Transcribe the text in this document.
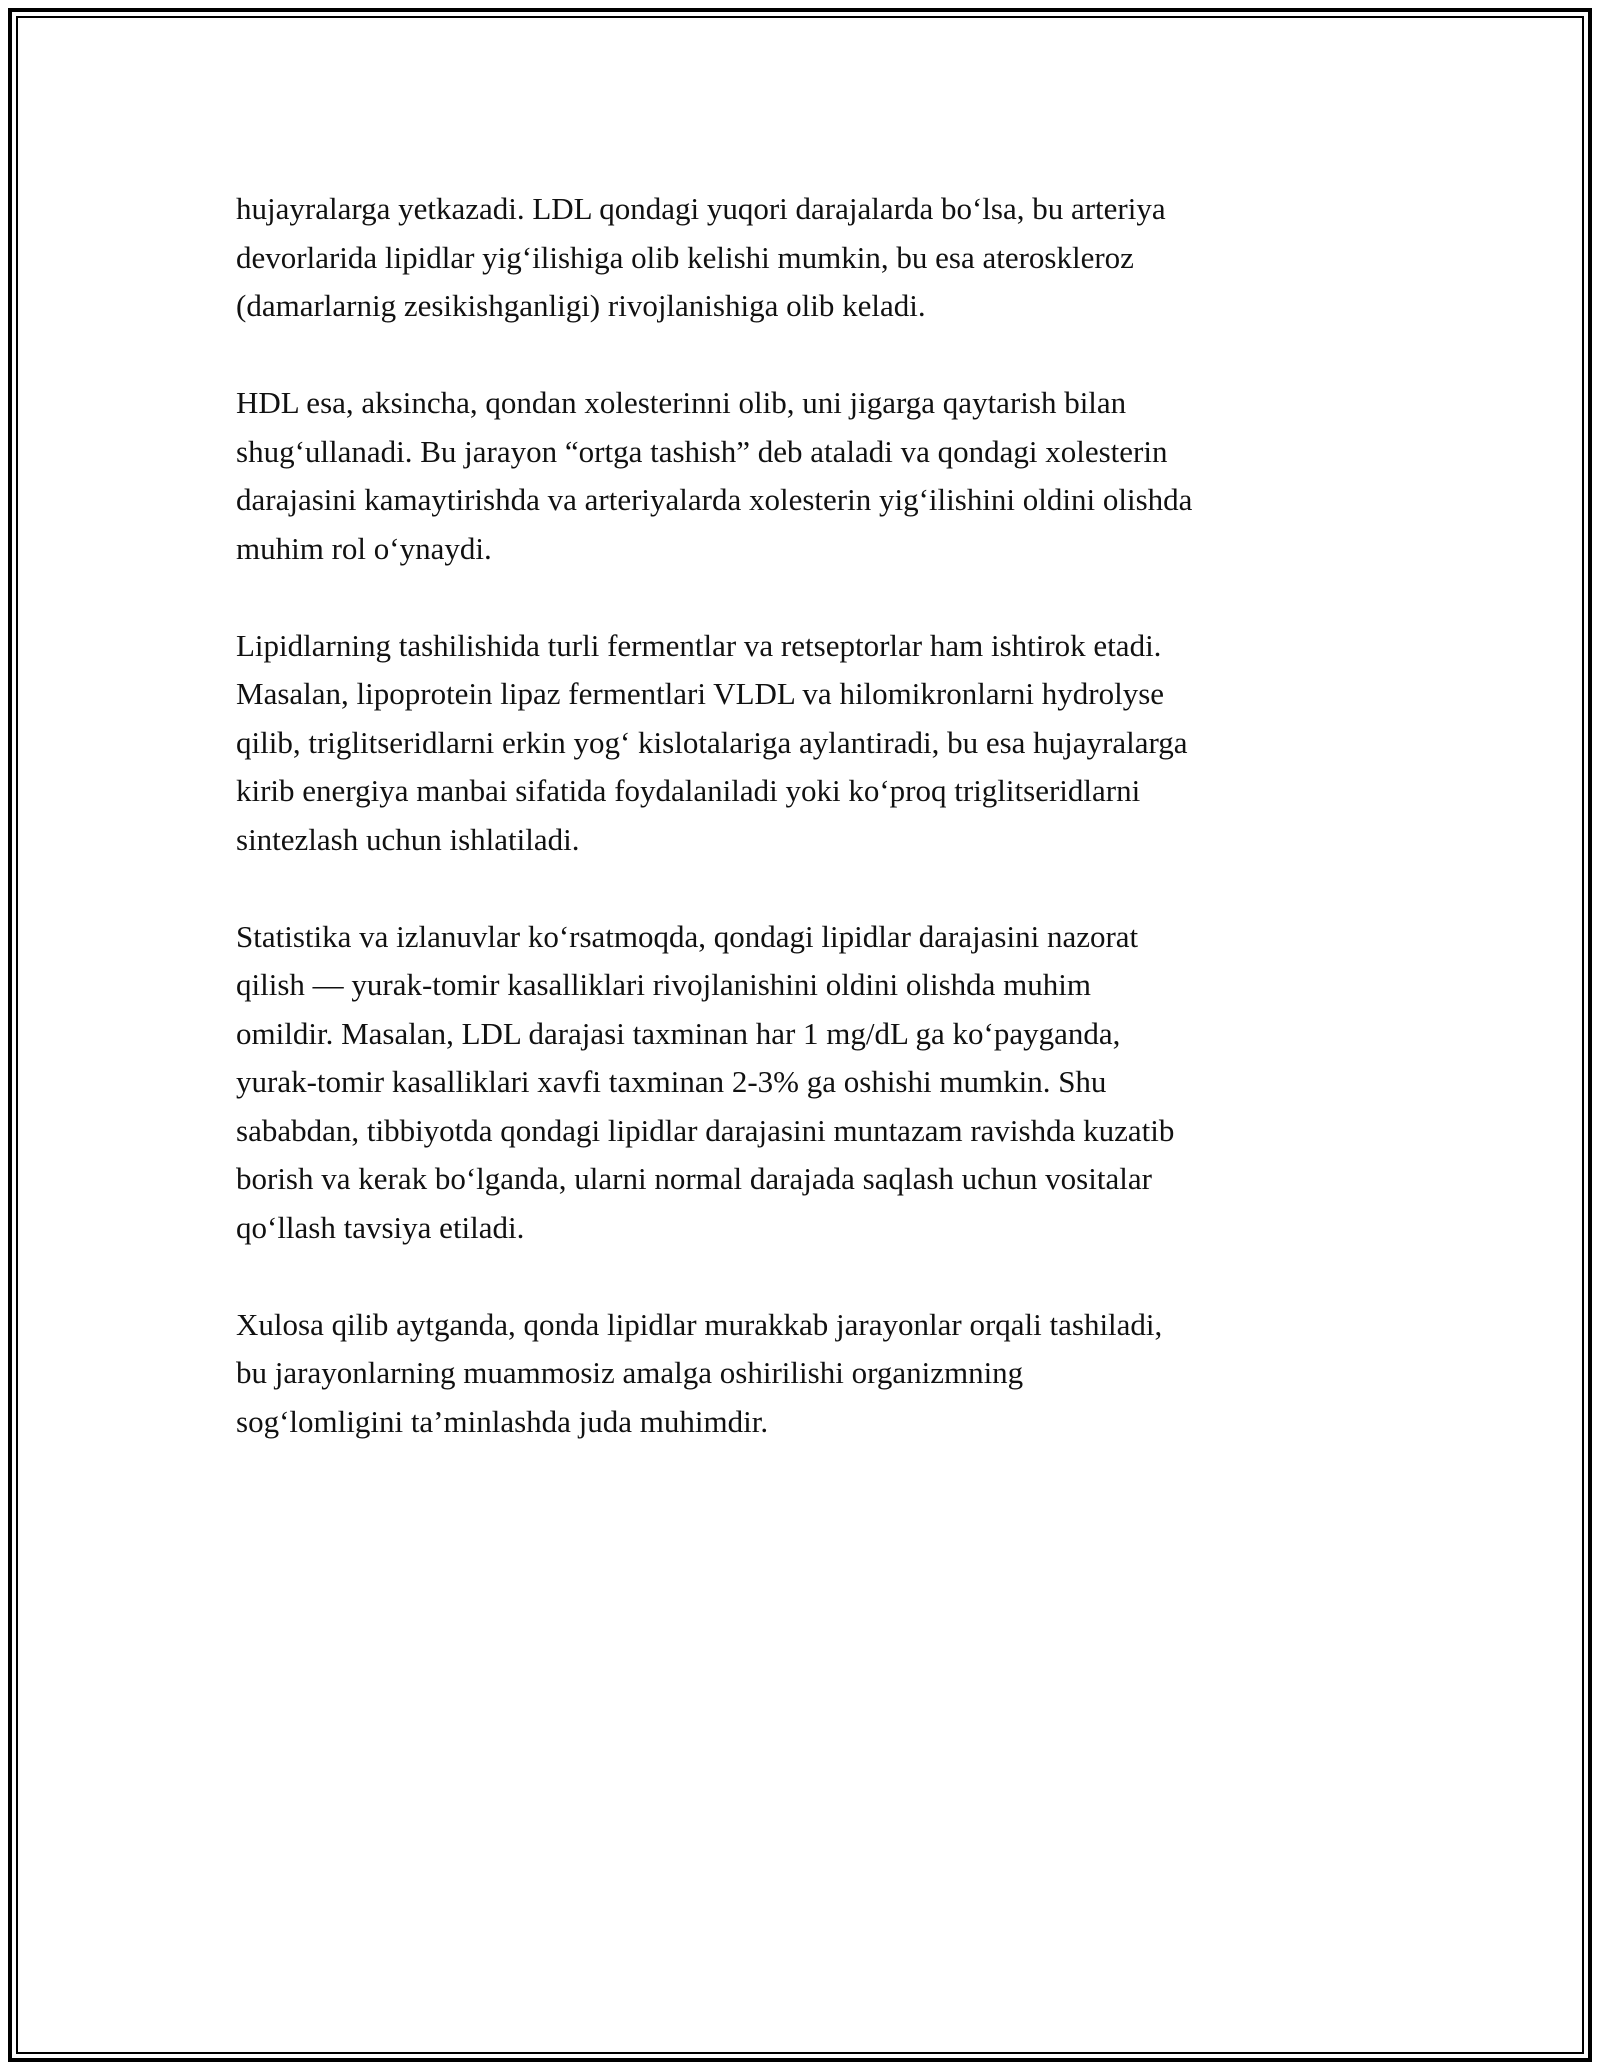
hujayralarga yetkazadi. LDL qondagi yuqori darajalarda bo‘lsa, bu arteriya
devorlarida lipidlar yig‘ilishiga olib kelishi mumkin, bu esa ateroskleroz
(damarlarnig zesikishganligi) rivojlanishiga olib keladi.

HDL esa, aksincha, qondan xolesterinni olib, uni jigarga qaytarish bilan
shug‘ullanadi. Bu jarayon “ortga tashish” deb ataladi va qondagi xolesterin
darajasini kamaytirishda va arteriyalarda xolesterin yig‘ilishini oldini olishda
muhim rol o‘ynaydi.

Lipidlarning tashilishida turli fermentlar va retseptorlar ham ishtirok etadi.
Masalan, lipoprotein lipaz fermentlari VLDL va hilomikronlarni hydrolyse
qilib, triglitseridlarni erkin yog‘ kislotalariga aylantiradi, bu esa hujayralarga
kirib energiya manbai sifatida foydalaniladi yoki ko‘proq triglitseridlarni
sintezlash uchun ishlatiladi.

Statistika va izlanuvlar ko‘rsatmoqda, qondagi lipidlar darajasini nazorat
qilish — yurak-tomir kasalliklari rivojlanishini oldini olishda muhim
omildir. Masalan, LDL darajasi taxminan har 1 mg/dL ga ko‘payganda,
yurak-tomir kasalliklari xavfi taxminan 2-3% ga oshishi mumkin. Shu
sababdan, tibbiyotda qondagi lipidlar darajasini muntazam ravishda kuzatib
borish va kerak bo‘lganda, ularni normal darajada saqlash uchun vositalar
qo‘llash tavsiya etiladi.

Xulosa qilib aytganda, qonda lipidlar murakkab jarayonlar orqali tashiladi,
bu jarayonlarning muammosiz amalga oshirilishi organizmning
sog‘lomligini ta’minlashda juda muhimdir.
